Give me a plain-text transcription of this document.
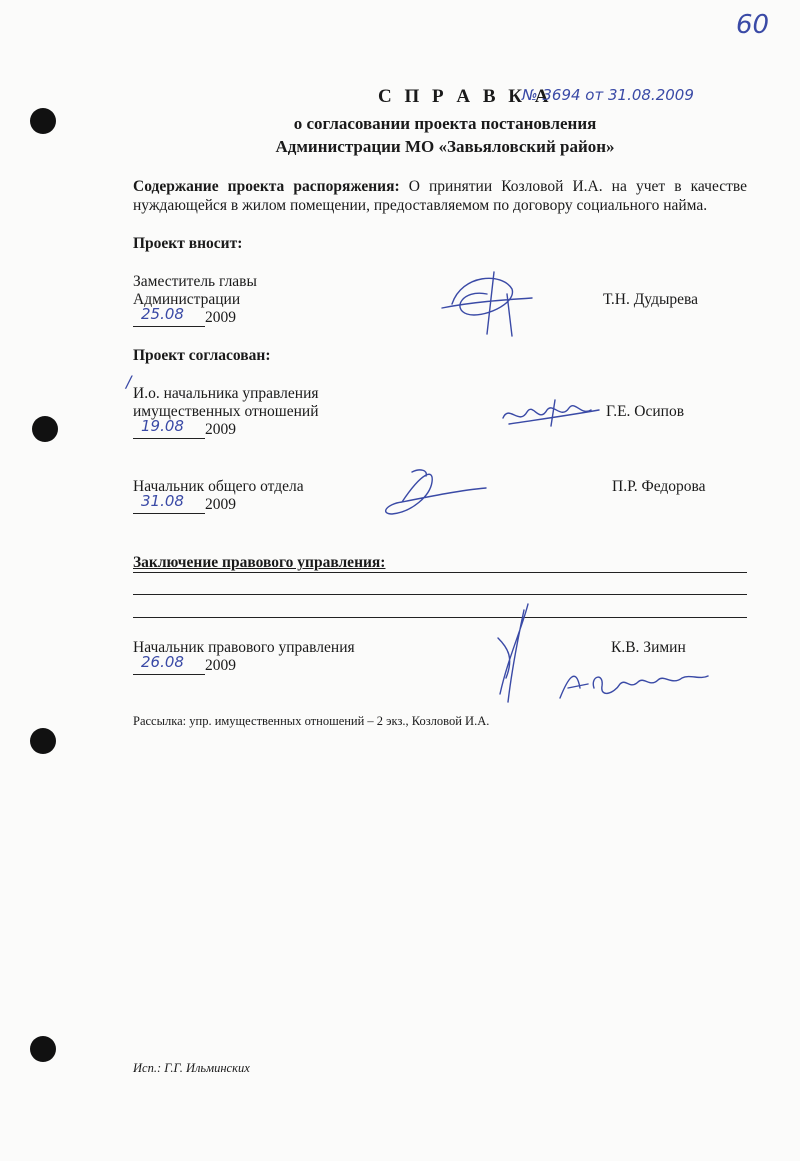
60
С П Р А В К А
№ 3694 от 31.08.2009
о согласовании проекта постановления
Администрации МО «Завьяловский район»
Содержание проекта распоряжения: О принятии Козловой И.А. на учет в качестве нуждающейся в жилом помещении, предоставляемом по договору социального найма.
Проект вносит:
Заместитель главы
Администрации
25.08 2009
Т.Н. Дудырева
Проект согласован:
/
И.о. начальника управления
имущественных отношений
19.08 2009
Г.Е. Осипов
Начальник общего отдела
31.08 2009
П.Р. Федорова
Заключение правового управления:
Начальник правового управления
26.08 2009
К.В. Зимин
Рассылка: упр. имущественных отношений – 2 экз., Козловой И.А.
Исп.: Г.Г. Ильминских
